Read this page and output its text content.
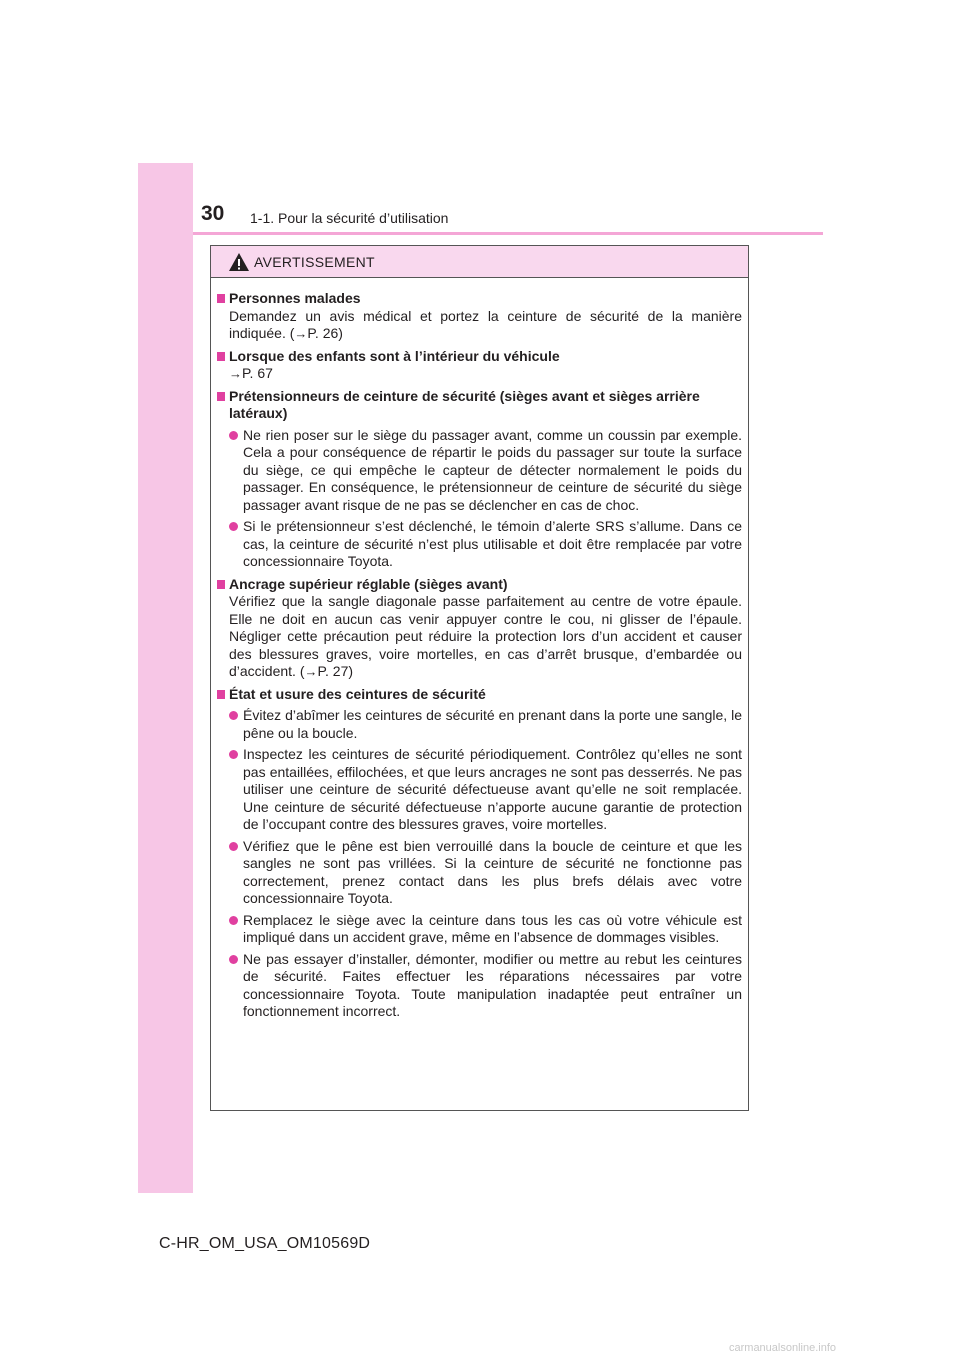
30 1-1. Pour la sécurité d’utilisation
AVERTISSEMENT
Personnes malades
Demandez un avis médical et portez la ceinture de sécurité de la manière indiquée. (→P. 26)
Lorsque des enfants sont à l’intérieur du véhicule
→P. 67
Prétensionneurs de ceinture de sécurité (sièges avant et sièges arrière latéraux)
Ne rien poser sur le siège du passager avant, comme un coussin par exemple. Cela a pour conséquence de répartir le poids du passager sur toute la surface du siège, ce qui empêche le capteur de détecter normalement le poids du passager. En conséquence, le prétensionneur de ceinture de sécurité du siège passager avant risque de ne pas se déclencher en cas de choc.
Si le prétensionneur s’est déclenché, le témoin d’alerte SRS s’allume. Dans ce cas, la ceinture de sécurité n’est plus utilisable et doit être remplacée par votre concessionnaire Toyota.
Ancrage supérieur réglable (sièges avant)
Vérifiez que la sangle diagonale passe parfaitement au centre de votre épaule. Elle ne doit en aucun cas venir appuyer contre le cou, ni glisser de l’épaule. Négliger cette précaution peut réduire la protection lors d’un accident et causer des blessures graves, voire mortelles, en cas d’arrêt brusque, d’embardée ou d’accident. (→P. 27)
État et usure des ceintures de sécurité
Évitez d’abîmer les ceintures de sécurité en prenant dans la porte une sangle, le pêne ou la boucle.
Inspectez les ceintures de sécurité périodiquement. Contrôlez qu’elles ne sont pas entaillées, effilochées, et que leurs ancrages ne sont pas desserrés. Ne pas utiliser une ceinture de sécurité défectueuse avant qu’elle ne soit remplacée. Une ceinture de sécurité défectueuse n’apporte aucune garantie de protection de l’occupant contre des blessures graves, voire mortelles.
Vérifiez que le pêne est bien verrouillé dans la boucle de ceinture et que les sangles ne sont pas vrillées. Si la ceinture de sécurité ne fonctionne pas correctement, prenez contact dans les plus brefs délais avec votre concessionnaire Toyota.
Remplacez le siège avec la ceinture dans tous les cas où votre véhicule est impliqué dans un accident grave, même en l’absence de dommages visibles.
Ne pas essayer d’installer, démonter, modifier ou mettre au rebut les ceintures de sécurité. Faites effectuer les réparations nécessaires par votre concessionnaire Toyota. Toute manipulation inadaptée peut entraîner un fonctionnement incorrect.
C-HR_OM_USA_OM10569D
carmanualsonline.info
